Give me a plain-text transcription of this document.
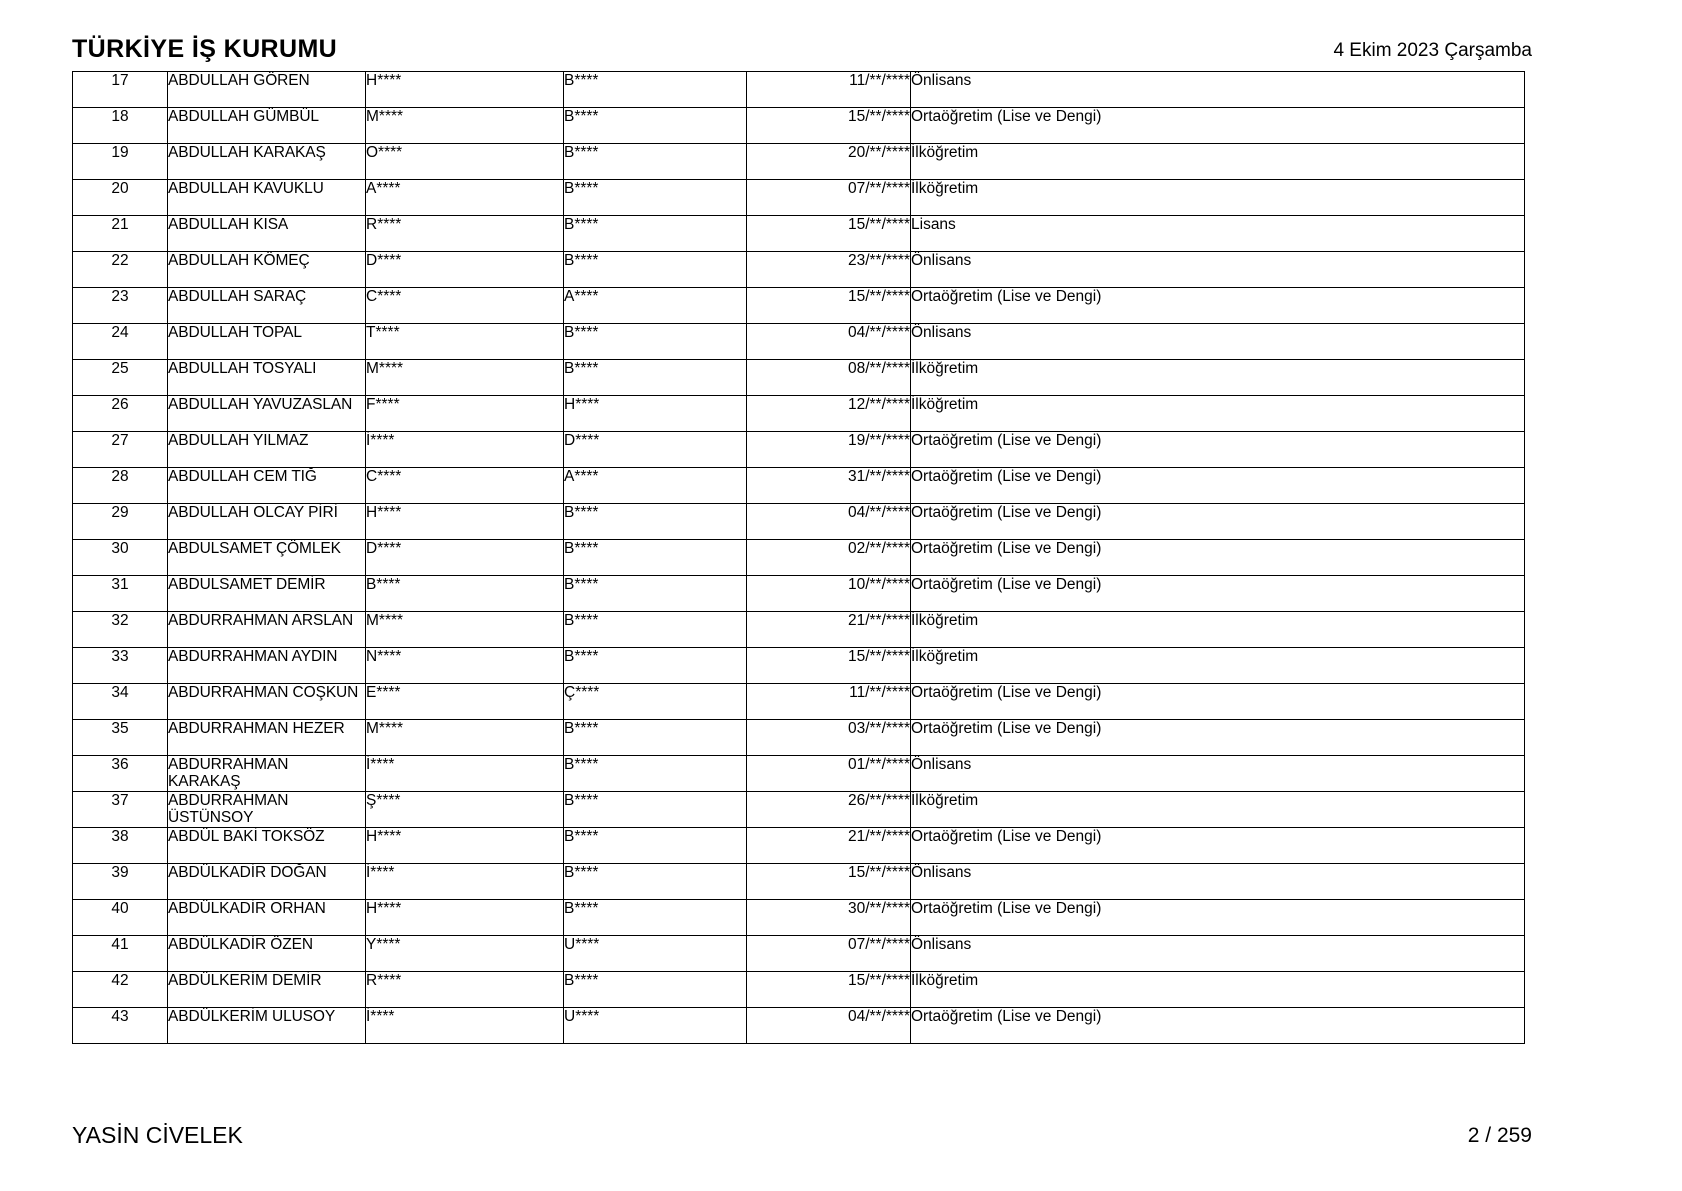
TÜRKİYE İŞ KURUMU	4 Ekim 2023 Çarşamba
17	ABDULLAH GÖREN	H****	B****	11/**/****	Önlisans
18	ABDULLAH GÜMBÜL	M****	B****	15/**/****	Ortaöğretim (Lise ve Dengi)
19	ABDULLAH KARAKAŞ	O****	B****	20/**/****	İlköğretim
20	ABDULLAH KAVUKLU	A****	B****	07/**/****	İlköğretim
21	ABDULLAH KISA	R****	B****	15/**/****	Lisans
22	ABDULLAH KÖMEÇ	D****	B****	23/**/****	Önlisans
23	ABDULLAH SARAÇ	C****	A****	15/**/****	Ortaöğretim (Lise ve Dengi)
24	ABDULLAH TOPAL	T****	B****	04/**/****	Önlisans
25	ABDULLAH TOSYALI	M****	B****	08/**/****	İlköğretim
26	ABDULLAH YAVUZASLAN	F****	H****	12/**/****	İlköğretim
27	ABDULLAH YILMAZ	İ****	D****	19/**/****	Ortaöğretim (Lise ve Dengi)
28	ABDULLAH CEM TIĞ	C****	A****	31/**/****	Ortaöğretim (Lise ve Dengi)
29	ABDULLAH OLCAY PİRİ	H****	B****	04/**/****	Ortaöğretim (Lise ve Dengi)
30	ABDULSAMET ÇÖMLEK	D****	B****	02/**/****	Ortaöğretim (Lise ve Dengi)
31	ABDULSAMET DEMİR	B****	B****	10/**/****	Ortaöğretim (Lise ve Dengi)
32	ABDURRAHMAN ARSLAN	M****	B****	21/**/****	İlköğretim
33	ABDURRAHMAN AYDIN	N****	B****	15/**/****	İlköğretim
34	ABDURRAHMAN COŞKUN	E****	Ç****	11/**/****	Ortaöğretim (Lise ve Dengi)
35	ABDURRAHMAN HEZER	M****	B****	03/**/****	Ortaöğretim (Lise ve Dengi)
36	ABDURRAHMAN KARAKAŞ	İ****	B****	01/**/****	Önlisans
37	ABDURRAHMAN ÜSTÜNSOY	Ş****	B****	26/**/****	İlköğretim
38	ABDÜL BAKİ TOKSÖZ	H****	B****	21/**/****	Ortaöğretim (Lise ve Dengi)
39	ABDÜLKADİR DOĞAN	İ****	B****	15/**/****	Önlisans
40	ABDÜLKADİR ORHAN	H****	B****	30/**/****	Ortaöğretim (Lise ve Dengi)
41	ABDÜLKADİR ÖZEN	Y****	U****	07/**/****	Önlisans
42	ABDÜLKERİM DEMİR	R****	B****	15/**/****	İlköğretim
43	ABDÜLKERİM ULUSOY	İ****	U****	04/**/****	Ortaöğretim (Lise ve Dengi)
YASİN CİVELEK	2 / 259
